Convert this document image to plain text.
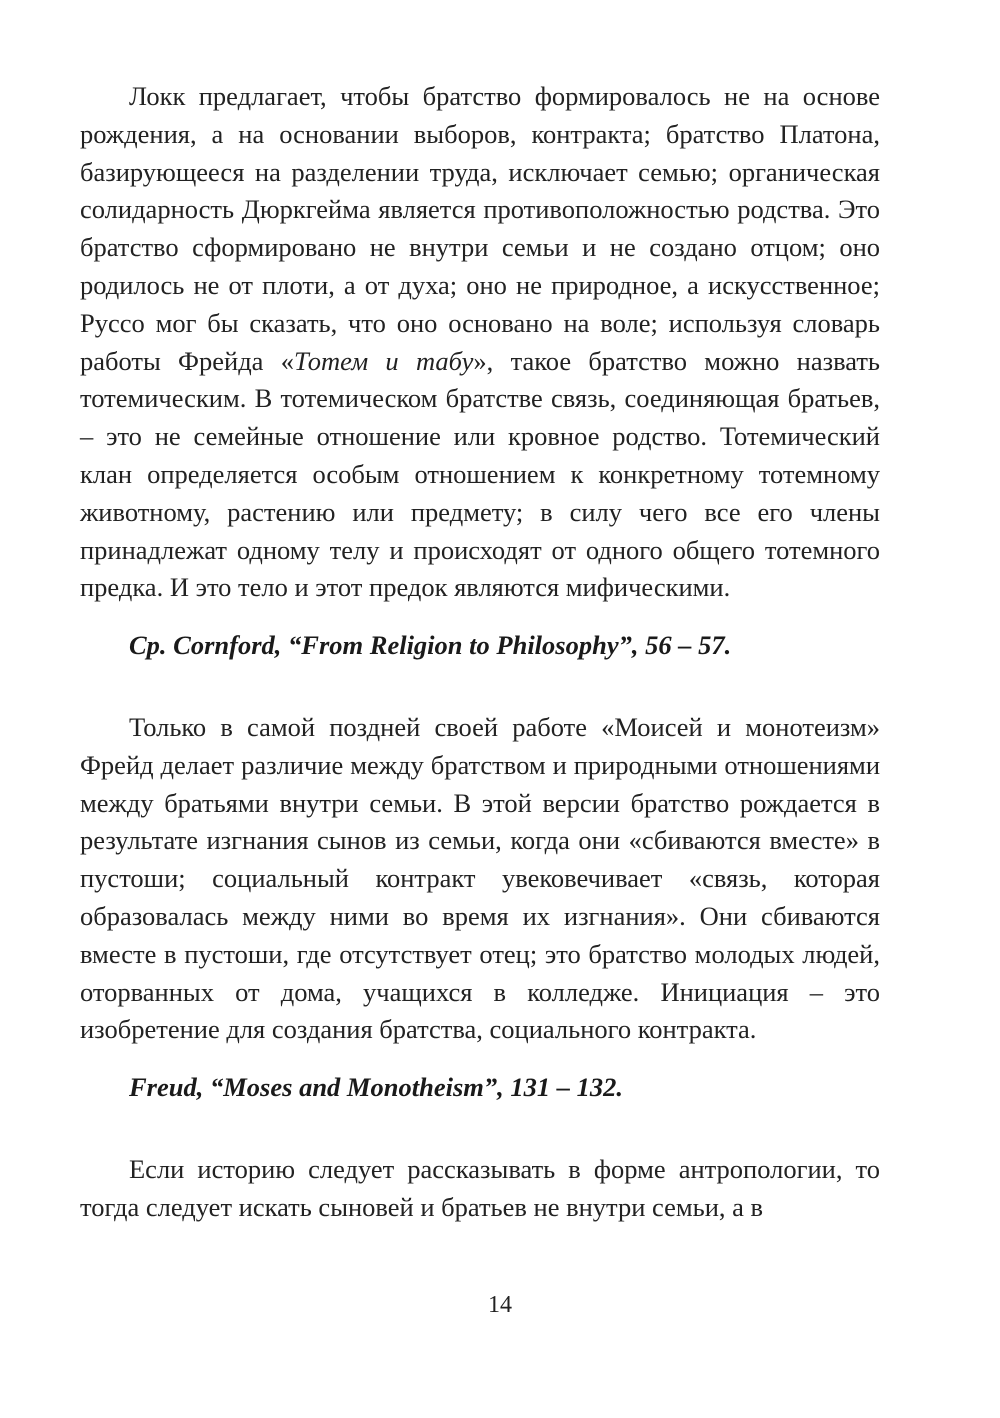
Локк предлагает, чтобы братство формировалось не на основе рождения, а на основании выборов, контракта; братство Платона, базирующееся на разделении труда, исключает семью; органическая солидарность Дюркгейма является противоположностью родства. Это братство сформировано не внутри семьи и не создано отцом; оно родилось не от плоти, а от духа; оно не природное, а искусственное; Руссо мог бы сказать, что оно основано на воле; используя словарь работы Фрейда «Тотем и табу», такое братство можно назвать тотемическим. В тотемическом братстве связь, соединяющая братьев, – это не семейные отношение или кровное родство. Тотемический клан определяется особым отношением к конкретному тотемному животному, растению или предмету; в силу чего все его члены принадлежат одному телу и происходят от одного общего тотемного предка. И это тело и этот предок являются мифическими.

Cp. Cornford, “From Religion to Philosophy”, 56 – 57.

Только в самой поздней своей работе «Моисей и монотеизм» Фрейд делает различие между братством и природными отношениями между братьями внутри семьи. В этой версии братство рождается в результате изгнания сынов из семьи, когда они «сбиваются вместе» в пустоши; социальный контракт увековечивает «связь, которая образовалась между ними во время их изгнания». Они сбиваются вместе в пустоши, где отсутствует отец; это братство молодых людей, оторванных от дома, учащихся в колледже. Инициация – это изобретение для создания братства, социального контракта.

Freud, “Moses and Monotheism”, 131 – 132.

Если историю следует рассказывать в форме антропологии, то тогда следует искать сыновей и братьев не внутри семьи, а в

14
